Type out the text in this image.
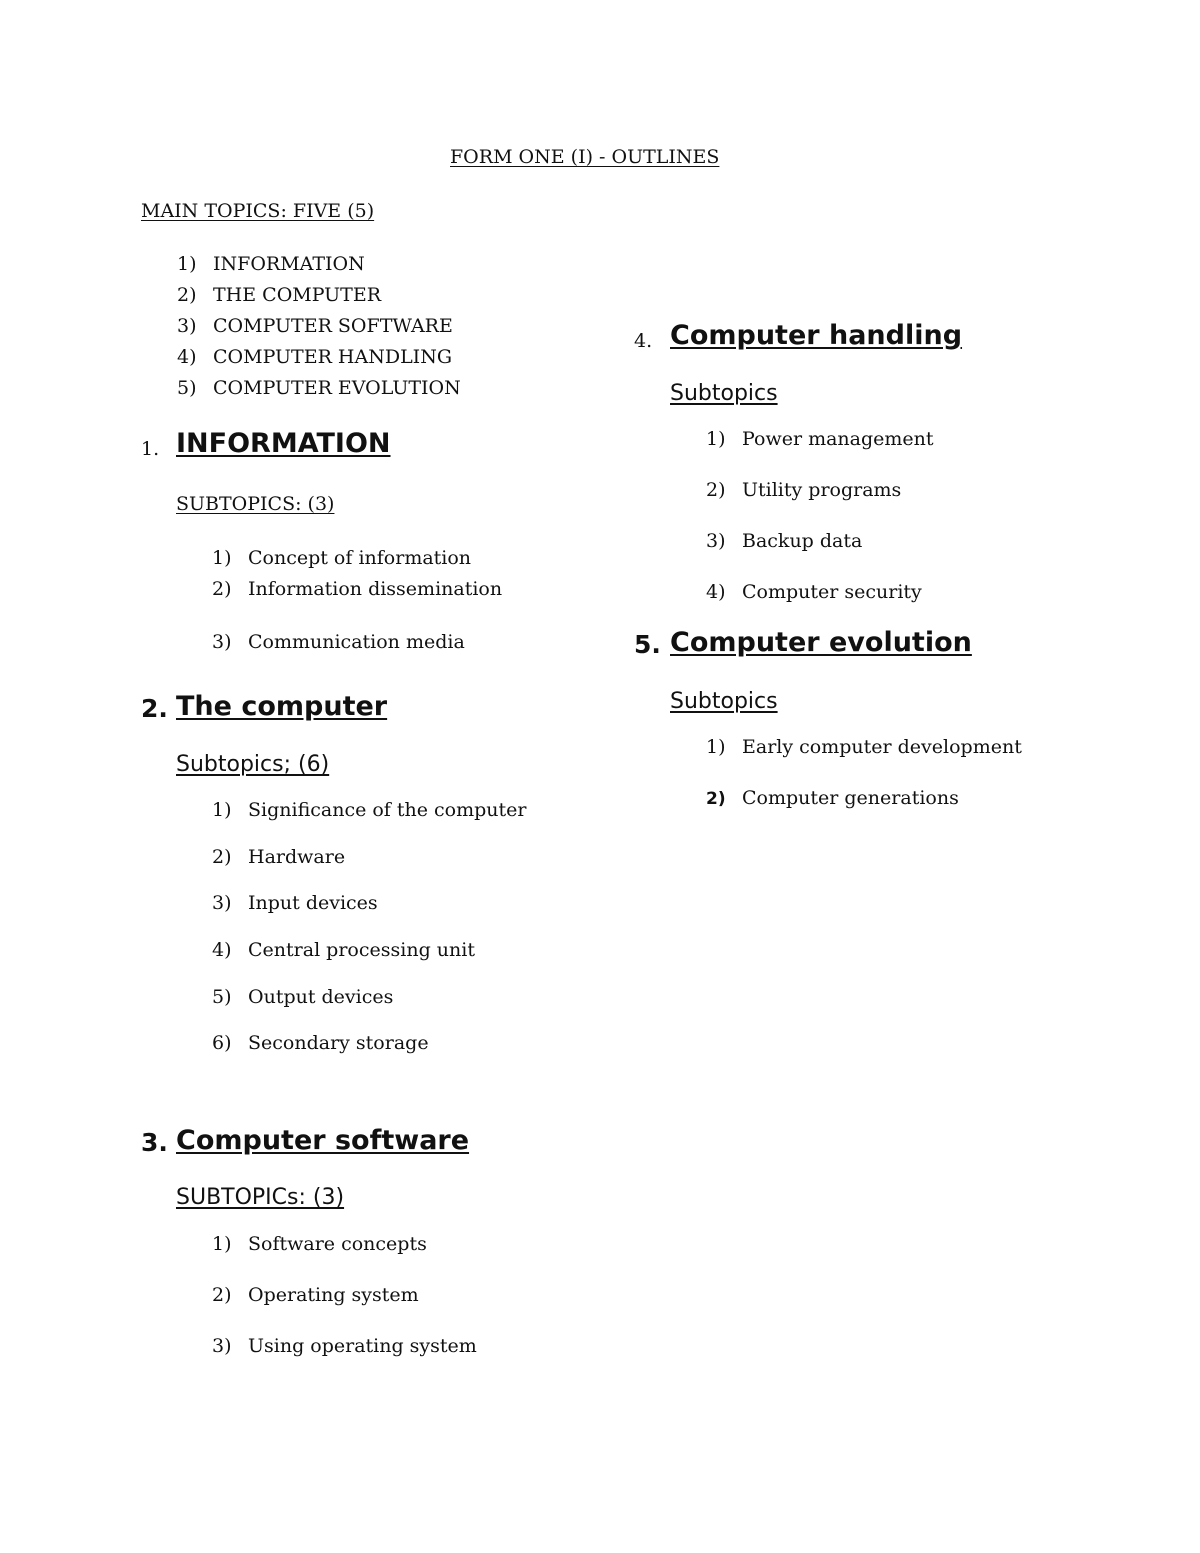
FORM ONE (I) - OUTLINES
MAIN TOPICS: FIVE (5)
1) INFORMATION
2) THE COMPUTER
3) COMPUTER SOFTWARE
4) COMPUTER HANDLING
5) COMPUTER EVOLUTION
1. INFORMATION
SUBTOPICS: (3)
1) Concept of information
2) Information dissemination
3) Communication media
2. The computer
Subtopics; (6)
1) Significance of the computer
2) Hardware
3) Input devices
4) Central processing unit
5) Output devices
6) Secondary storage
3. Computer software
SUBTOPICs: (3)
1) Software concepts
2) Operating system
3) Using operating system
4. Computer handling
Subtopics
1) Power management
2) Utility programs
3) Backup data
4) Computer security
5. Computer evolution
Subtopics
1) Early computer development
2) Computer generations
